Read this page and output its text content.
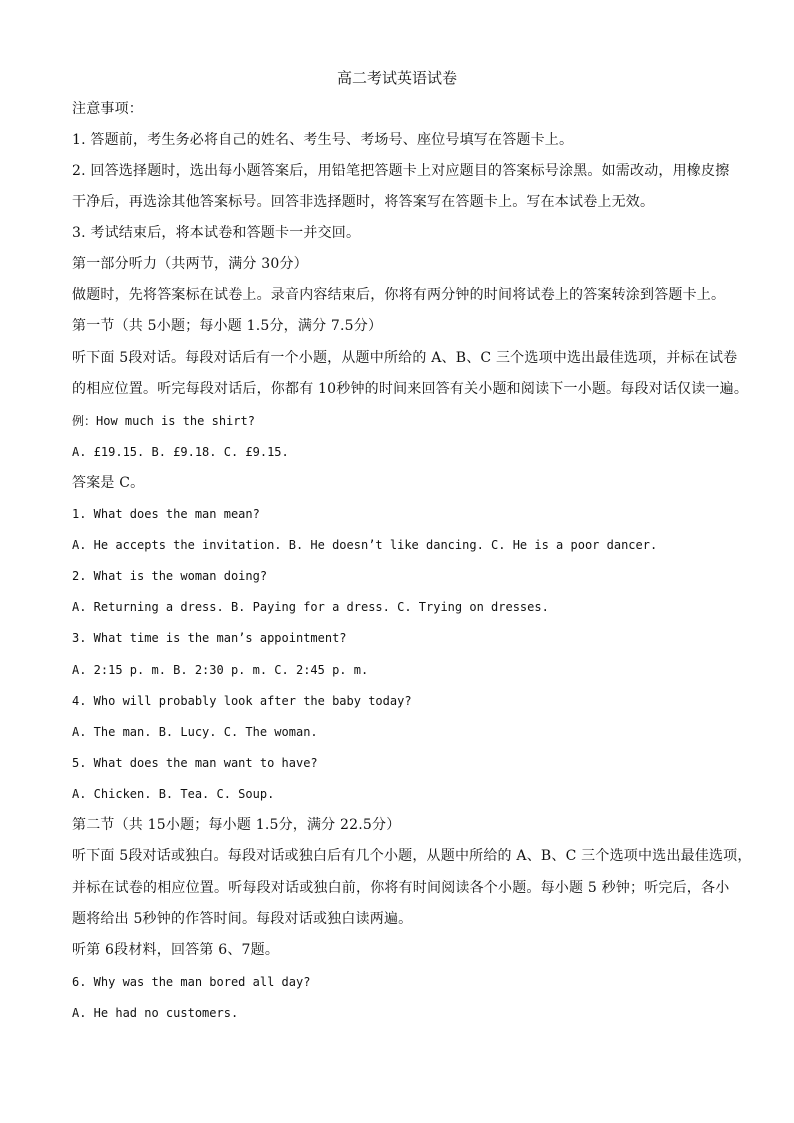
高二考试英语试卷
注意事项：
1. 答题前，考生务必将自己的姓名、考生号、考场号、座位号填写在答题卡上。
2. 回答选择题时，选出每小题答案后，用铅笔把答题卡上对应题目的答案标号涂黑。如需改动，用橡皮擦
干净后，再选涂其他答案标号。回答非选择题时，将答案写在答题卡上。写在本试卷上无效。
3. 考试结束后，将本试卷和答题卡一并交回。
第一部分听力（共两节，满分 30分）
做题时，先将答案标在试卷上。录音内容结束后，你将有两分钟的时间将试卷上的答案转涂到答题卡上。
第一节（共 5小题；每小题 1.5分，满分 7.5分）
听下面 5段对话。每段对话后有一个小题，从题中所给的 A、B、C 三个选项中选出最佳选项，并标在试卷
的相应位置。听完每段对话后，你都有 10秒钟的时间来回答有关小题和阅读下一小题。每段对话仅读一遍。
例：How much is the shirt?
A. £19.15. B. £9.18. C. £9.15.
答案是 C。
1. What does the man mean?
A. He accepts the invitation. B. He doesn’t like dancing. C. He is a poor dancer.
2. What is the woman doing?
A. Returning a dress. B. Paying for a dress. C. Trying on dresses.
3. What time is the man’s appointment?
A. 2:15 p. m. B. 2:30 p. m. C. 2:45 p. m.
4. Who will probably look after the baby today?
A. The man. B. Lucy. C. The woman.
5. What does the man want to have?
A. Chicken. B. Tea. C. Soup.
第二节（共 15小题；每小题 1.5分，满分 22.5分）
听下面 5段对话或独白。每段对话或独白后有几个小题，从题中所给的 A、B、C 三个选项中选出最佳选项，
并标在试卷的相应位置。听每段对话或独白前，你将有时间阅读各个小题。每小题 5 秒钟；听完后，各小
题将给出 5秒钟的作答时间。每段对话或独白读两遍。
听第 6段材料，回答第 6、7题。
6. Why was the man bored all day?
A. He had no customers.
